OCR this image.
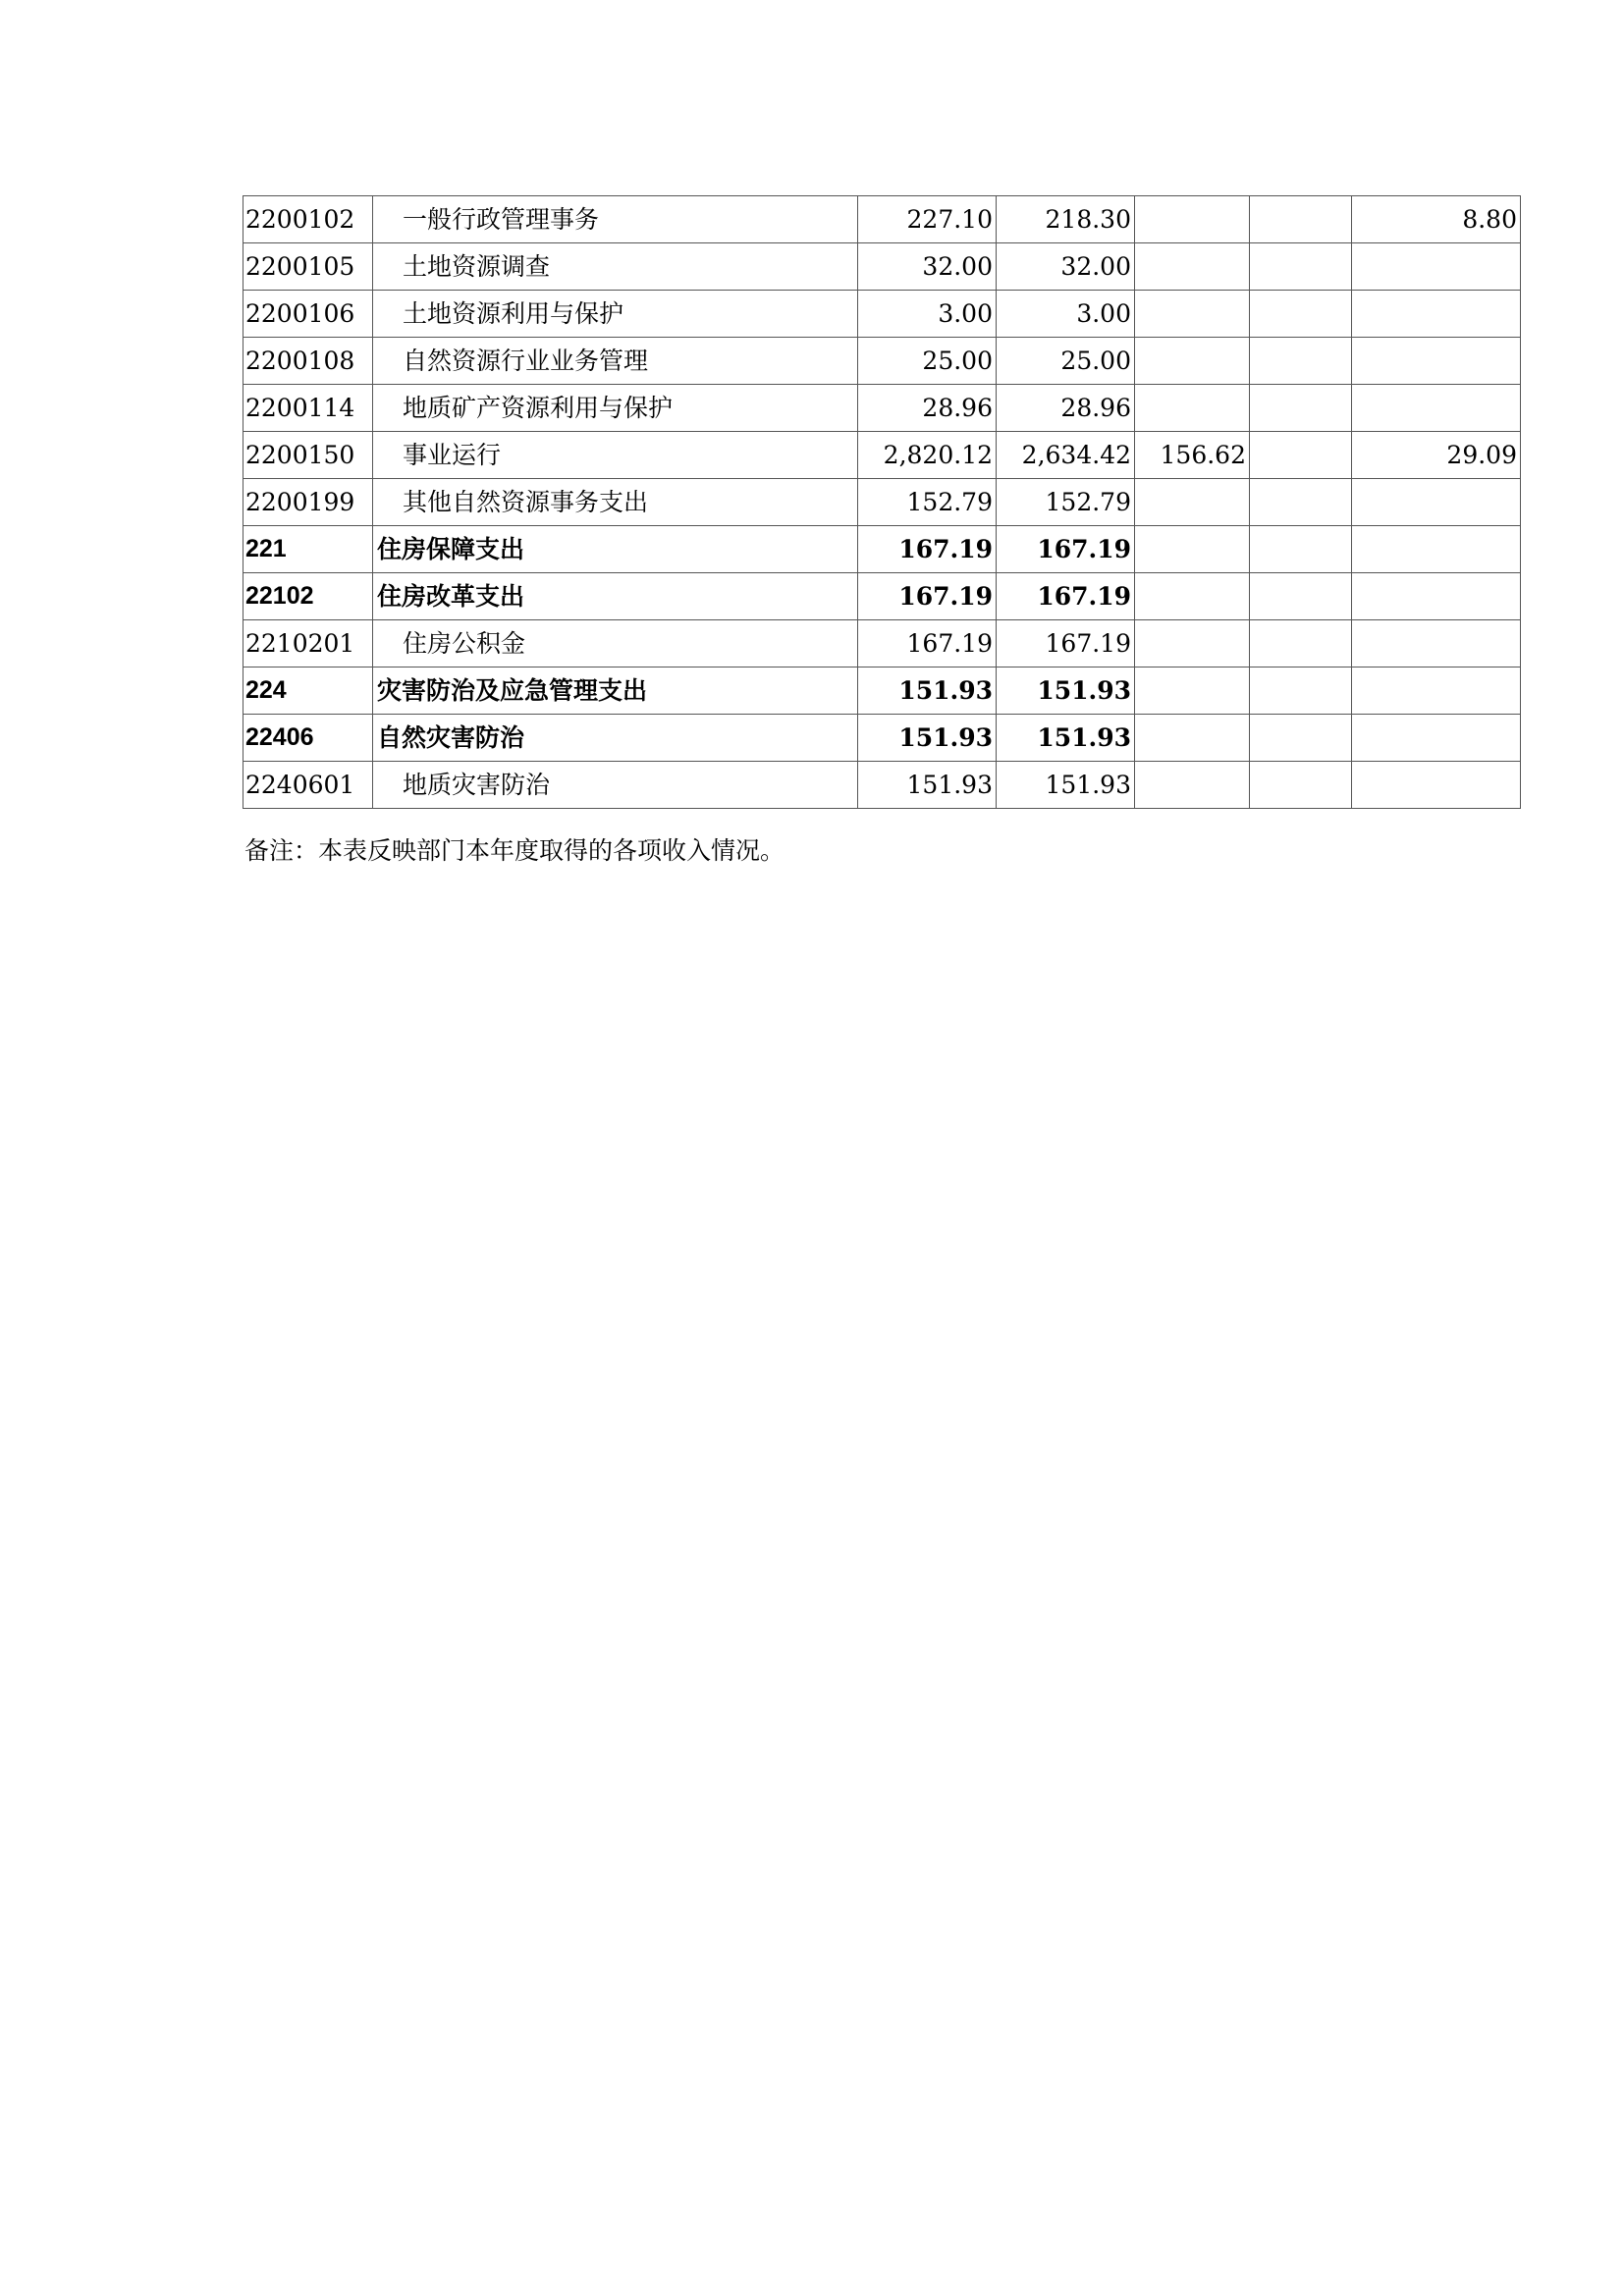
2200102	一般行政管理事务	227.10	218.30			8.80
2200105	土地资源调查	32.00	32.00			
2200106	土地资源利用与保护	3.00	3.00			
2200108	自然资源行业业务管理	25.00	25.00			
2200114	地质矿产资源利用与保护	28.96	28.96			
2200150	事业运行	2,820.12	2,634.42	156.62		29.09
2200199	其他自然资源事务支出	152.79	152.79			
221	住房保障支出	167.19	167.19			
22102	住房改革支出	167.19	167.19			
2210201	住房公积金	167.19	167.19			
224	灾害防治及应急管理支出	151.93	151.93			
22406	自然灾害防治	151.93	151.93			
2240601	地质灾害防治	151.93	151.93			
备注：本表反映部门本年度取得的各项收入情况。
